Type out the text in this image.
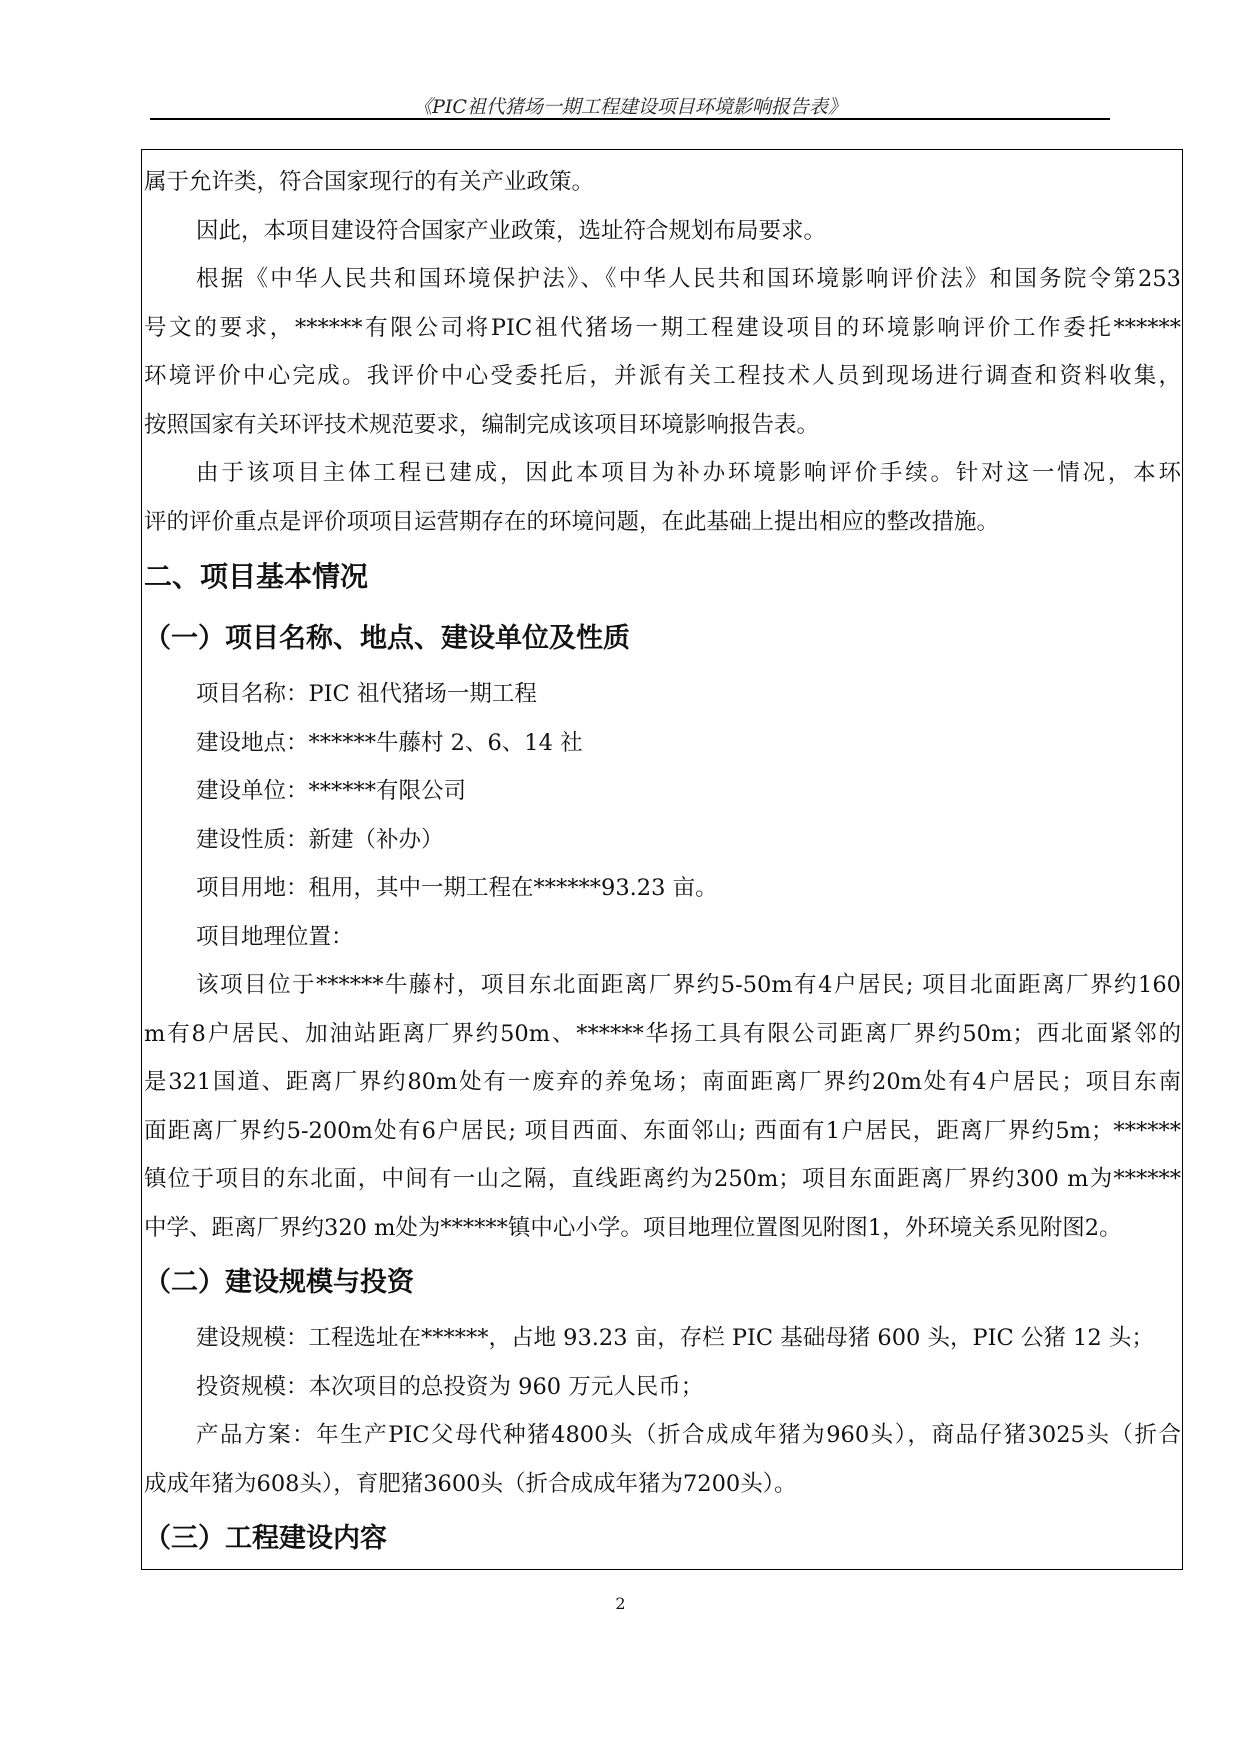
《PIC祖代猪场一期工程建设项目环境影响报告表》
属于允许类，符合国家现行的有关产业政策。
因此，本项目建设符合国家产业政策，选址符合规划布局要求。
根据《中华人民共和国环境保护法》、《中华人民共和国环境影响评价法》和国务院令第253
号文的要求，******有限公司将PIC祖代猪场一期工程建设项目的环境影响评价工作委托******
环境评价中心完成。我评价中心受委托后，并派有关工程技术人员到现场进行调查和资料收集，
按照国家有关环评技术规范要求，编制完成该项目环境影响报告表。
由于该项目主体工程已建成，因此本项目为补办环境影响评价手续。针对这一情况，本环
评的评价重点是评价项项目运营期存在的环境问题，在此基础上提出相应的整改措施。
二、项目基本情况
（一）项目名称、地点、建设单位及性质
项目名称：PIC 祖代猪场一期工程
建设地点：******牛藤村 2、6、14 社
建设单位：******有限公司
建设性质：新建（补办）
项目用地：租用，其中一期工程在******93.23 亩。
项目地理位置：
该项目位于******牛藤村，项目东北面距离厂界约5-50m有4户居民; 项目北面距离厂界约160
m有8户居民、加油站距离厂界约50m、******华扬工具有限公司距离厂界约50m；西北面紧邻的
是321国道、距离厂界约80m处有一废弃的养兔场；南面距离厂界约20m处有4户居民；项目东南
面距离厂界约5-200m处有6户居民; 项目西面、东面邻山; 西面有1户居民，距离厂界约5m；******
镇位于项目的东北面，中间有一山之隔，直线距离约为250m；项目东面距离厂界约300 m为******
中学、距离厂界约320 m处为******镇中心小学。项目地理位置图见附图1，外环境关系见附图2。
（二）建设规模与投资
建设规模：工程选址在******，占地 93.23 亩，存栏 PIC 基础母猪 600 头，PIC 公猪 12 头；
投资规模：本次项目的总投资为 960 万元人民币；
产品方案：年生产PIC父母代种猪4800头（折合成成年猪为960头），商品仔猪3025头（折合
成成年猪为608头），育肥猪3600头（折合成成年猪为7200头）。
（三）工程建设内容
2
